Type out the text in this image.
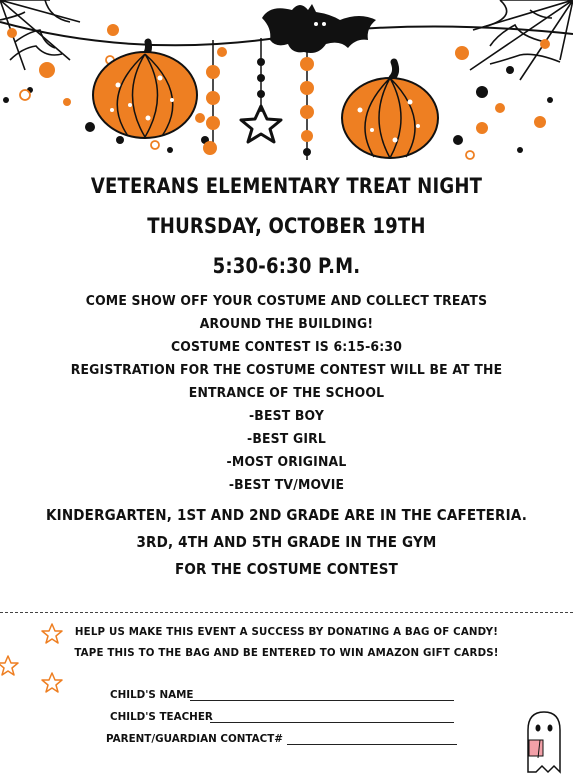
VETERANS ELEMENTARY TREAT NIGHT
THURSDAY, OCTOBER 19TH
5:30-6:30 P.M.
COME SHOW OFF YOUR COSTUME AND COLLECT TREATS
AROUND THE BUILDING!
COSTUME CONTEST IS 6:15-6:30
REGISTRATION FOR THE COSTUME CONTEST WILL BE AT THE
ENTRANCE OF THE SCHOOL
-BEST BOY
-BEST GIRL
-MOST ORIGINAL
-BEST TV/MOVIE
KINDERGARTEN, 1ST AND 2ND GRADE ARE IN THE CAFETERIA.
3RD, 4TH AND 5TH GRADE IN THE GYM
FOR THE COSTUME CONTEST
HELP US MAKE THIS EVENT A SUCCESS BY DONATING A BAG OF CANDY!
TAPE THIS TO THE BAG AND BE ENTERED TO WIN AMAZON GIFT CARDS!
CHILD'S NAME
CHILD'S TEACHER
PARENT/GUARDIAN CONTACT#
